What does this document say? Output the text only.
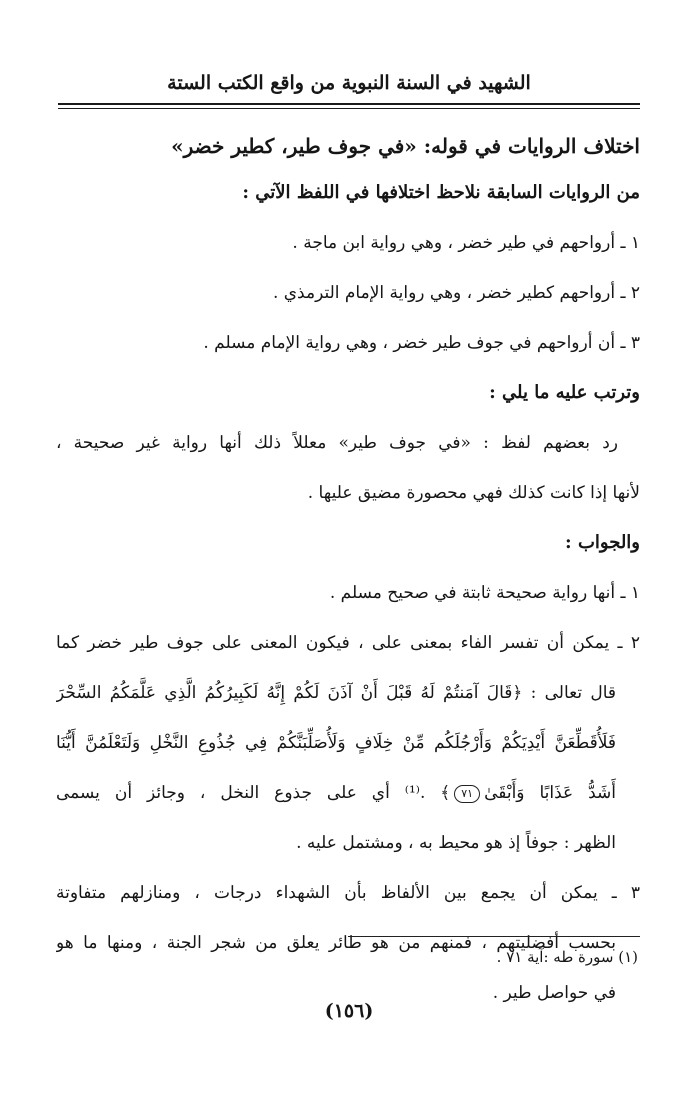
الشهيد في السنة النبوية من واقع الكتب الستة
اختلاف الروايات في قوله: «في جوف طير، كطير خضر»
من الروايات السابقة نلاحظ اختلافها في اللفظ الآتي :
١ ـ أرواحهم في طير خضر ، وهي رواية ابن ماجة .
٢ ـ أرواحهم كطير خضر ، وهي رواية الإمام الترمذي .
٣ ـ أن أرواحهم في جوف طير خضر ، وهي رواية الإمام مسلم .
وترتب عليه ما يلي :
رد بعضهم لفظ : «في جوف طير» معللاً ذلك أنها رواية غير صحيحة ،
لأنها إذا كانت كذلك فهي محصورة مضيق عليها .
والجواب :
١ ـ أنها رواية صحيحة ثابتة في صحيح مسلم .
٢ ـ يمكن أن تفسر الفاء بمعنى على ، فيكون المعنى على جوف طير خضر كما
قال تعالى : ﴿قَالَ آمَنتُمْ لَهُ قَبْلَ أَنْ آذَنَ لَكُمْ إِنَّهُ لَكَبِيرُكُمُ الَّذِي عَلَّمَكُمُ السِّحْرَ
فَلَأُقَطِّعَنَّ أَيْدِيَكُمْ وَأَرْجُلَكُم مِّنْ خِلَافٍ وَلَأُصَلِّبَنَّكُمْ فِي جُذُوعِ النَّخْلِ وَلَتَعْلَمُنَّ أَيُّنَا
أَشَدُّ عَذَابًا وَأَبْقَىٰ٧١﴾ .⁽¹⁾ أي على جذوع النخل ، وجائز أن يسمى
الظهر : جوفاً إذ هو محيط به ، ومشتمل عليه .
٣ ـ يمكن أن يجمع بين الألفاظ بأن الشهداء درجات ، ومنازلهم متفاوتة
بحسب أفضليتهم ، فمنهم من هو طائر يعلق من شجر الجنة ، ومنها ما هو
في حواصل طير .
(١) سورة طه :آية ٧١ .
(١٥٦)
